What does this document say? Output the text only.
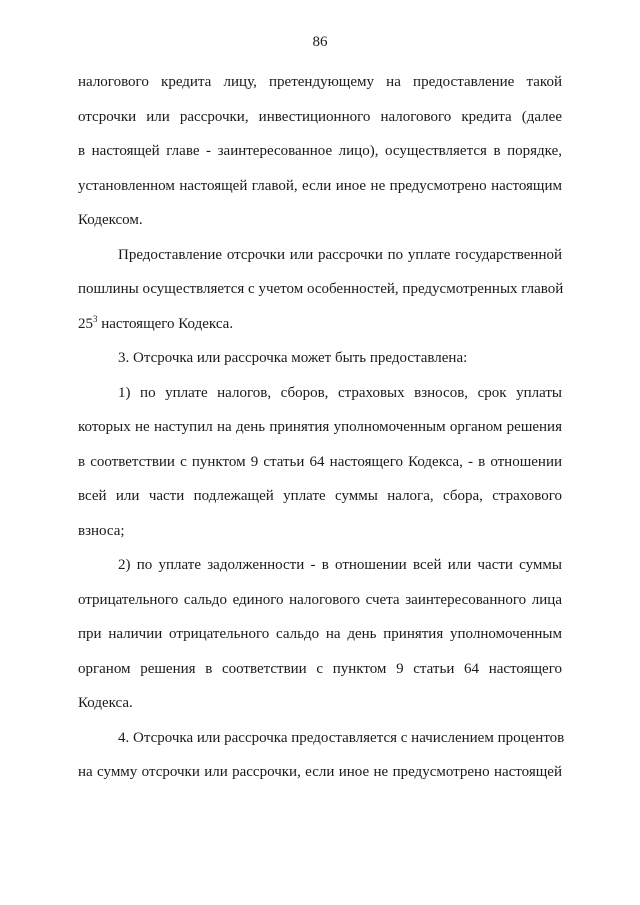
86

налогового кредита лицу, претендующему на предоставление такой
отсрочки или рассрочки, инвестиционного налогового кредита (далее
в настоящей главе - заинтересованное лицо), осуществляется в порядке,
установленном настоящей главой, если иное не предусмотрено настоящим
Кодексом.

Предоставление отсрочки или рассрочки по уплате государственной
пошлины осуществляется с учетом особенностей, предусмотренных главой
$25^3$ настоящего Кодекса.

3. Отсрочка или рассрочка может быть предоставлена:

1) по уплате налогов, сборов, страховых взносов, срок уплаты
которых не наступил на день принятия уполномоченным органом решения
в соответствии с пунктом 9 статьи 64 настоящего Кодекса, - в отношении
всей или части подлежащей уплате суммы налога, сбора, страхового
взноса;

2) по уплате задолженности - в отношении всей или части суммы
отрицательного сальдо единого налогового счета заинтересованного лица
при наличии отрицательного сальдо на день принятия уполномоченным
органом решения в соответствии с пунктом 9 статьи 64 настоящего
Кодекса.

4. Отсрочка или рассрочка предоставляется с начислением процентов
на сумму отсрочки или рассрочки, если иное не предусмотрено настоящей
